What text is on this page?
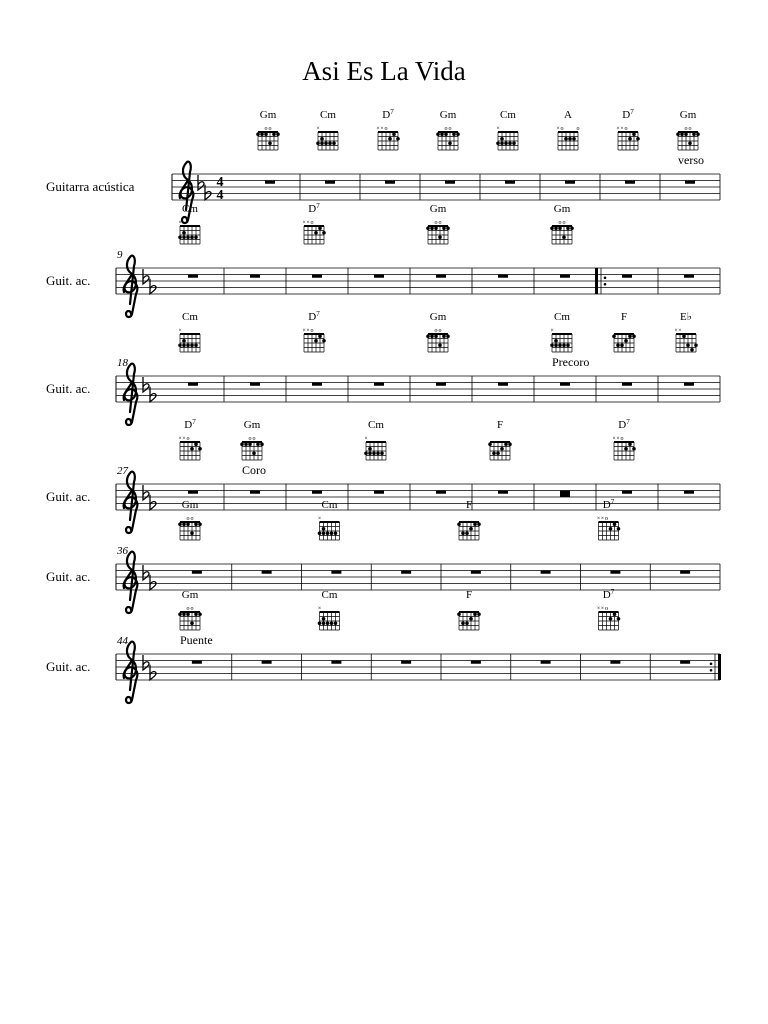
Asi Es La Vida
Guitarra acústica	4
4
Gm
o o
Cm
×
$D^7$
× × o
Gm
o o
Cm
×
A
× o o
$D^7$
× × o
Gm
o o
verso
Guit. ac.
9
Cm
×
$D^7$
× × o
Gm
o o
Gm
o o
Guit. ac.
18
Cm
×
$D^7$
× × o
Gm
o o
Cm
×
F	E♭
× ×
Precoro
Guit. ac.
27
$D^7$
× × o
Gm
o o
Cm
×
F	$D^7$
× × o
Coro
Guit. ac.
36
Gm
o o
Cm
×
F	$D^7$
× × o
Guit. ac.
44
Gm
o o
Cm
×
F	$D^7$
× × o
Puente
